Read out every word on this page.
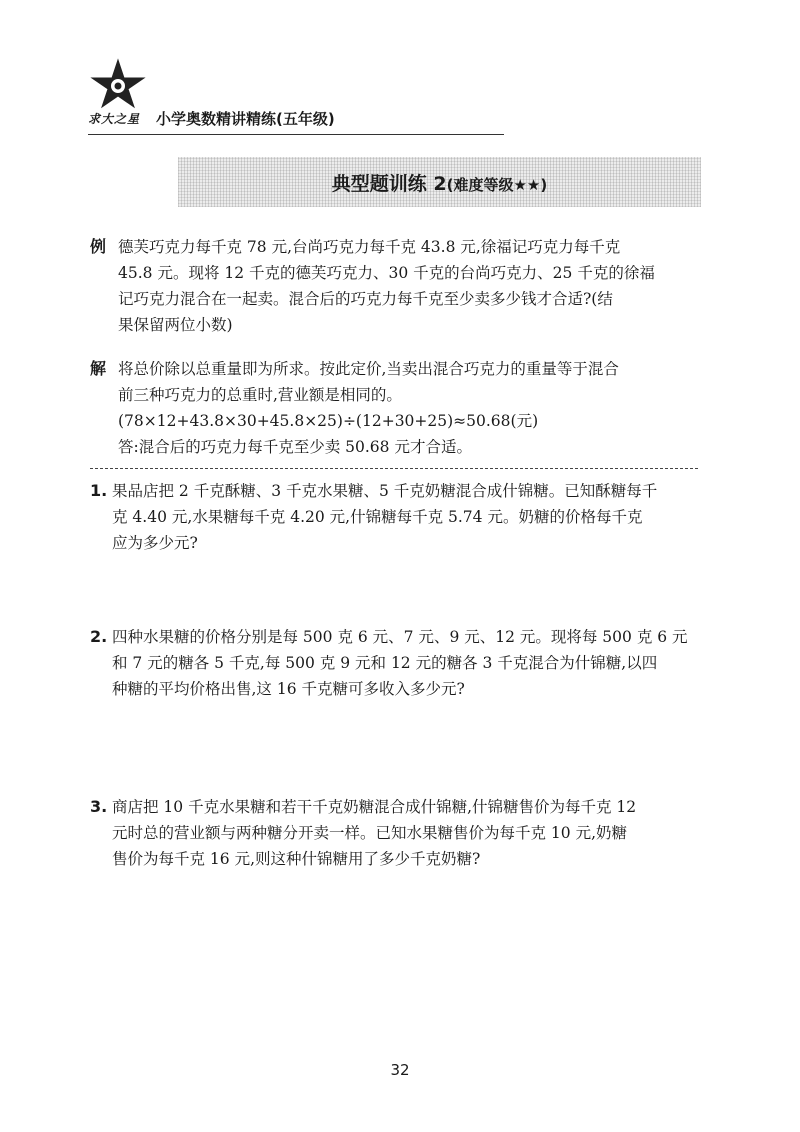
求大之星	小学奥数精讲精练(五年级)
典型题训练 2(难度等级★★)
例 德芙巧克力每千克 78 元,台尚巧克力每千克 43.8 元,徐福记巧克力每千克
45.8 元。现将 12 千克的德芙巧克力、30 千克的台尚巧克力、25 千克的徐福
记巧克力混合在一起卖。混合后的巧克力每千克至少卖多少钱才合适?(结
果保留两位小数)
解 将总价除以总重量即为所求。按此定价,当卖出混合巧克力的重量等于混合
前三种巧克力的总重时,营业额是相同的。
(78×12+43.8×30+45.8×25)÷(12+30+25)≈50.68(元)
答:混合后的巧克力每千克至少卖 50.68 元才合适。
1. 果品店把 2 千克酥糖、3 千克水果糖、5 千克奶糖混合成什锦糖。已知酥糖每千
克 4.40 元,水果糖每千克 4.20 元,什锦糖每千克 5.74 元。奶糖的价格每千克
应为多少元?
2. 四种水果糖的价格分别是每 500 克 6 元、7 元、9 元、12 元。现将每 500 克 6 元
和 7 元的糖各 5 千克,每 500 克 9 元和 12 元的糖各 3 千克混合为什锦糖,以四
种糖的平均价格出售,这 16 千克糖可多收入多少元?
3. 商店把 10 千克水果糖和若干千克奶糖混合成什锦糖,什锦糖售价为每千克 12
元时总的营业额与两种糖分开卖一样。已知水果糖售价为每千克 10 元,奶糖
售价为每千克 16 元,则这种什锦糖用了多少千克奶糖?
32
